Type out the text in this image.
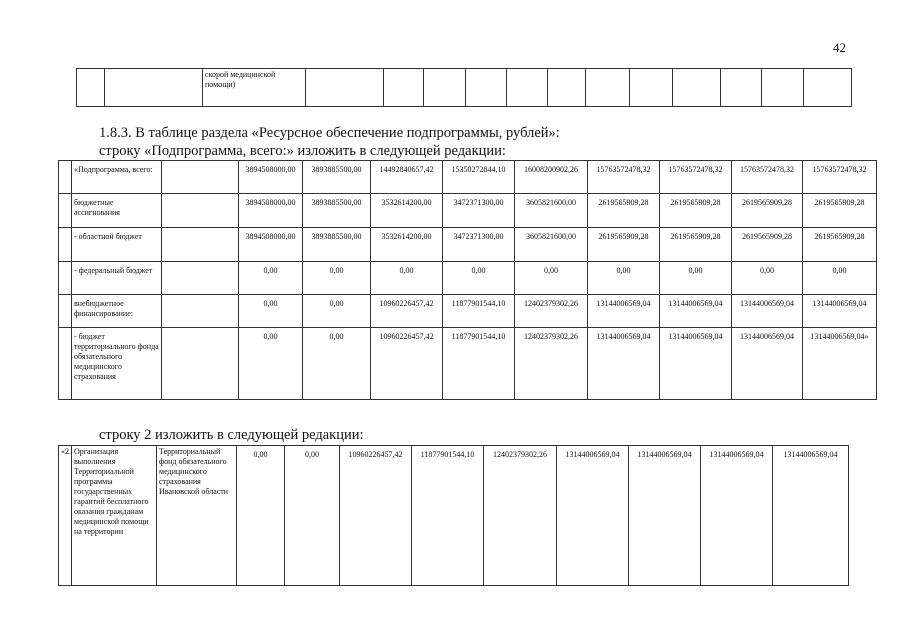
42
		скорой медицинской помощи)												
1.8.3. В таблице раздела «Ресурсное обеспечение подпрограммы, рублей»:
строку «Подпрограмма, всего:» изложить в следующей редакции:
	«Подпрограмма, всего:		3894508000,00	3893885500,00	14492840657,42	15350272844,10	16008200902,26	15763572478,32	15763572478,32	15763572478,32	15763572478,32
	бюджетные ассигнования		3894508000,00	3893885500,00	3532614200,00	3472371300,00	3605821600,00	2619565909,28	2619565909,28	2619565909,28	2619565909,28
	- областной бюджет		3894508000,00	3893885500,00	3532614200,00	3472371300,00	3605821600,00	2619565909,28	2619565909,28	2619565909,28	2619565909,28
	- федеральный бюджет		0,00	0,00	0,00	0,00	0,00	0,00	0,00	0,00	0,00
	внебюджетное финансирование:		0,00	0,00	10960226457,42	11877901544,10	12402379302,26	13144006569,04	13144006569,04	13144006569,04	13144006569,04
	- бюджет территориального фонда обязательного медицинского страхования		0,00	0,00	10960226457,42	11877901544,10	12402379302,26	13144006569,04	13144006569,04	13144006569,04	13144006569,04»
строку 2 изложить в следующей редакции:
«2.	Организация выполнения Территориальной программы государственных гарантий бесплатного оказания гражданам медицинской помощи на территории	Территориальный фонд обязательного медицинского страхования Ивановской области	0,00	0,00	10960226457,42	11877901544,10	12402379302,26	13144006569,04	13144006569,04	13144006569,04	13144006569,04
